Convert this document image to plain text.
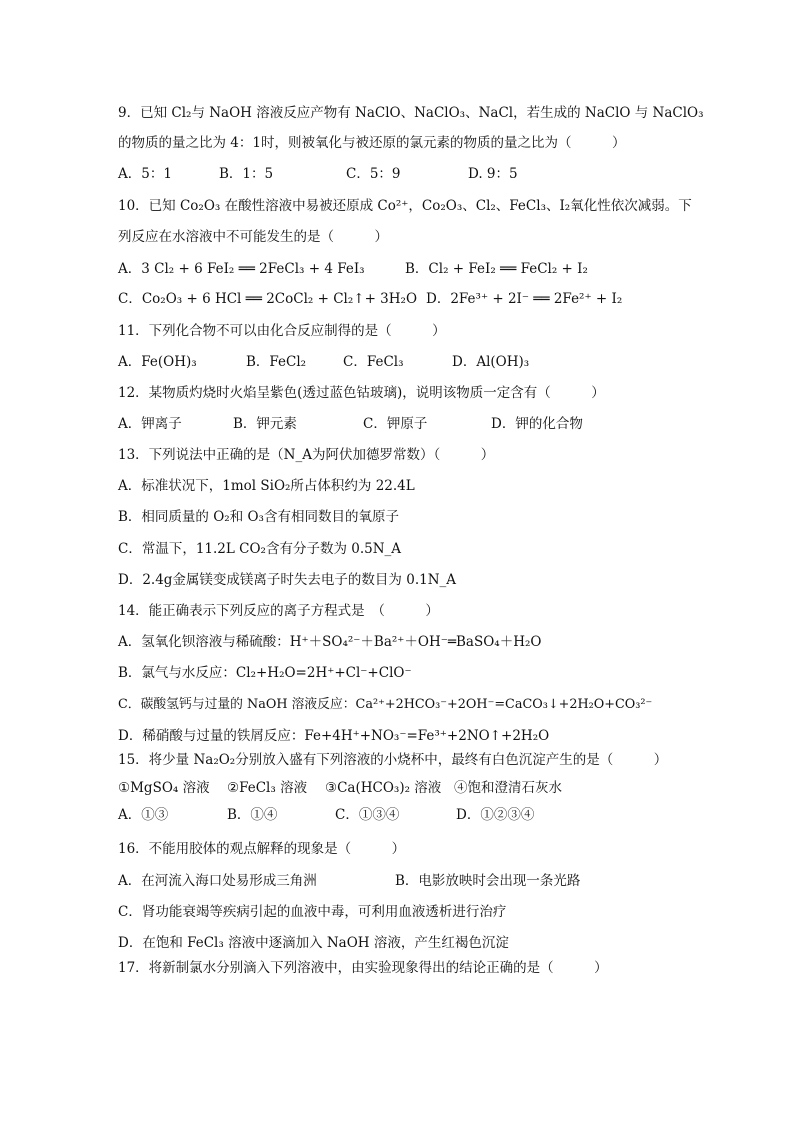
9．已知 Cl₂与 NaOH 溶液反应产物有 NaClO、NaClO₃、NaCl，若生成的 NaClO 与 NaClO₃
的物质的量之比为 4：1时，则被氧化与被还原的氯元素的物质的量之比为（　　　）
A．5：1	B．1：5	C．5：9	D. 9：5
10．已知 Co₂O₃ 在酸性溶液中易被还原成 Co²⁺，Co₂O₃、Cl₂、FeCl₃、I₂氧化性依次减弱。下
列反应在水溶液中不可能发生的是（　　　）
A．3 Cl₂ + 6 FeI₂ ══ 2FeCl₃ + 4 FeI₃	B．Cl₂ + FeI₂ ══ FeCl₂ + I₂
C．Co₂O₃ + 6 HCl ══ 2CoCl₂ + Cl₂↑+ 3H₂O D．2Fe³⁺ + 2I⁻ ══ 2Fe²⁺ + I₂
11．下列化合物不可以由化合反应制得的是（　　　）
A．Fe(OH)₃	B．FeCl₂	C．FeCl₃	D．Al(OH)₃
12．某物质灼烧时火焰呈紫色(透过蓝色钴玻璃)，说明该物质一定含有（　　　）
A．钾离子	B．钾元素	C．钾原子	D．钾的化合物
13．下列说法中正确的是（N_A为阿伏加德罗常数）（　　　）
A．标准状况下，1mol SiO₂所占体积约为 22.4L
B．相同质量的 O₂和 O₃含有相同数目的氧原子
C．常温下，11.2L CO₂含有分子数为 0.5N_A
D．2.4g金属镁变成镁离子时失去电子的数目为 0.1N_A
14．能正确表示下列反应的离子方程式是　（　　　）
A．氢氧化钡溶液与稀硫酸：H⁺＋SO₄²⁻＋Ba²⁺＋OH⁻═BaSO₄＋H₂O
B．氯气与水反应：Cl₂+H₂O=2H⁺+Cl⁻+ClO⁻
C．碳酸氢钙与过量的 NaOH 溶液反应：Ca²⁺+2HCO₃⁻+2OH⁻=CaCO₃↓+2H₂O+CO₃²⁻
D．稀硝酸与过量的铁屑反应：Fe+4H⁺+NO₃⁻=Fe³⁺+2NO↑+2H₂O
15．将少量 Na₂O₂分别放入盛有下列溶液的小烧杯中，最终有白色沉淀产生的是（　　　）
①MgSO₄ 溶液 ②FeCl₃ 溶液 ③Ca(HCO₃)₂ 溶液 ④饱和澄清石灰水
A．①③	B．①④	C．①③④	D．①②③④
16．不能用胶体的观点解释的现象是（　　　）
A．在河流入海口处易形成三角洲	B．电影放映时会出现一条光路
C．肾功能衰竭等疾病引起的血液中毒，可利用血液透析进行治疗
D．在饱和 FeCl₃ 溶液中逐滴加入 NaOH 溶液，产生红褐色沉淀
17．将新制氯水分别滴入下列溶液中，由实验现象得出的结论正确的是（　　　）
